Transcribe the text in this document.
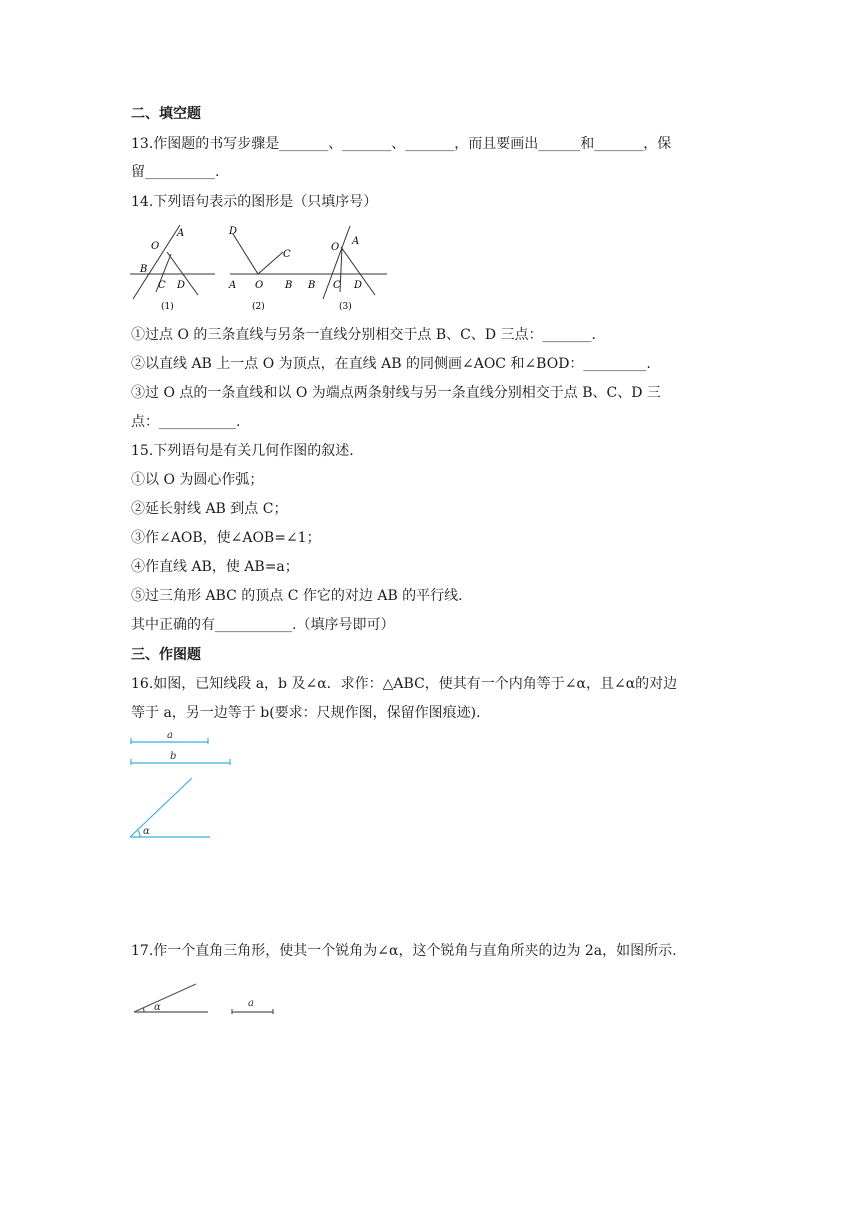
二、填空题
13.作图题的书写步骤是_______、_______、_______，而且要画出______和_______，保
留__________.
14.下列语句表示的图形是（只填序号）
A
O
B
C D
(1)
D
C
A O B
(2)
O
A
B C D
(3)
①过点 O 的三条直线与另条一直线分别相交于点 B、C、D 三点：_______.
②以直线 AB 上一点 O 为顶点，在直线 AB 的同侧画∠AOC 和∠BOD：_________.
③过 O 点的一条直线和以 O 为端点两条射线与另一条直线分别相交于点 B、C、D 三
点：___________.
15.下列语句是有关几何作图的叙述.
①以 O 为圆心作弧；
②延长射线 AB 到点 C；
③作∠AOB，使∠AOB=∠1；
④作直线 AB，使 AB=a；
⑤过三角形 ABC 的顶点 C 作它的对边 AB 的平行线.
其中正确的有___________.（填序号即可）
三、作图题
16.如图，已知线段 a，b 及∠α．求作：△ABC，使其有一个内角等于∠α，且∠α的对边
等于 a，另一边等于 b(要求：尺规作图，保留作图痕迹).
a
b
α
17.作一个直角三角形，使其一个锐角为∠α，这个锐角与直角所夹的边为 2a，如图所示.
α	a
